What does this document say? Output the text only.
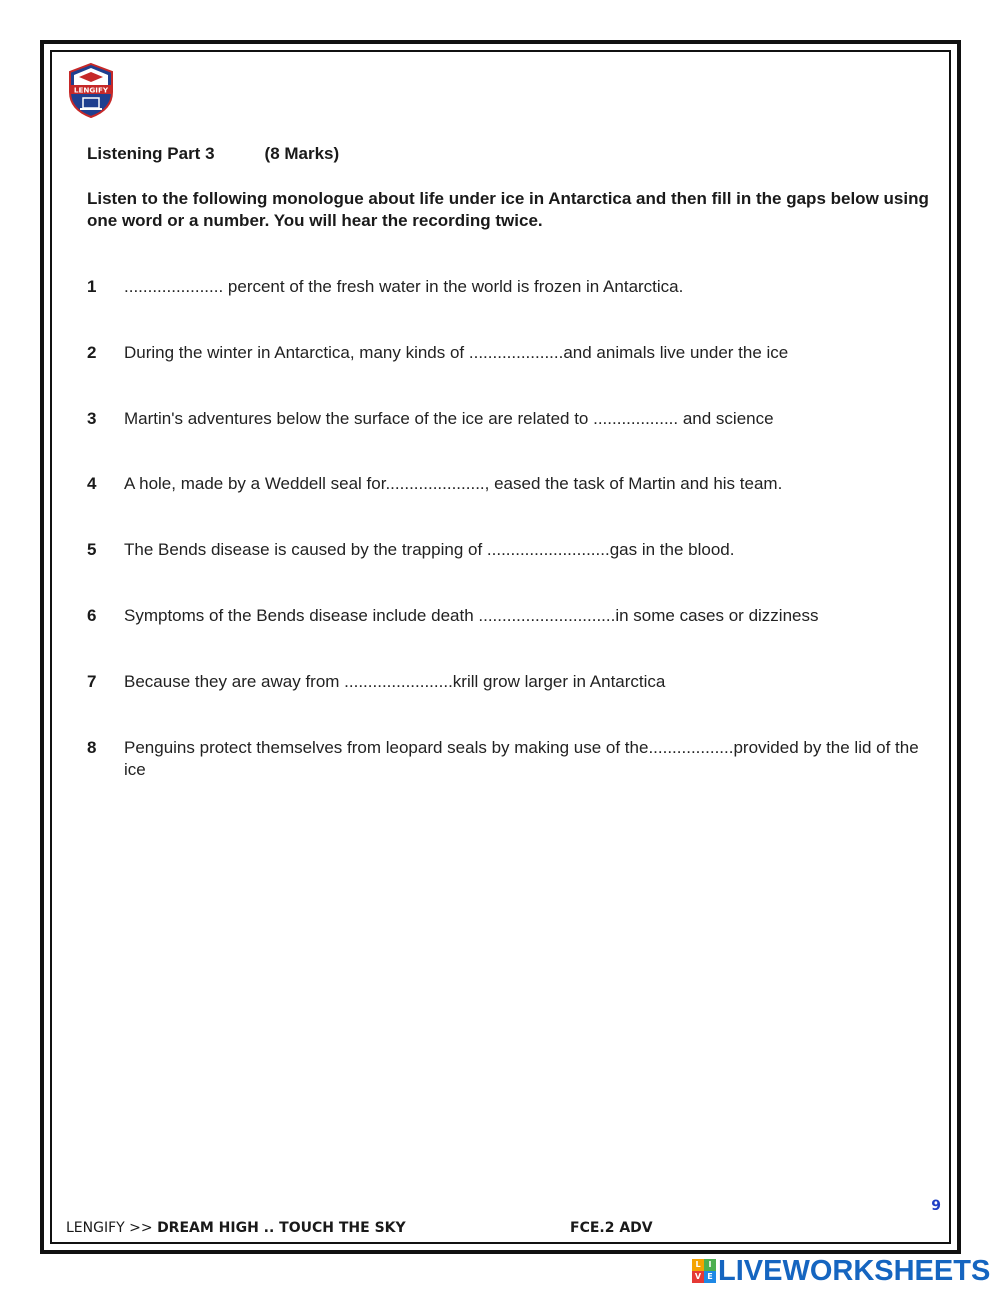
LENGIFY
Listening Part 3	(8 Marks)
Listen to the following monologue about life under ice in Antarctica and then fill in the gaps below using one word or a number. You will hear the recording twice.
1	..................... percent of the fresh water in the world is frozen in Antarctica.
2	During the winter in Antarctica, many kinds of ....................and animals live under the ice
3	Martin's adventures below the surface of the ice are related to .................. and science
4	A hole, made by a Weddell seal for....................., eased the task of Martin and his team.
5	The Bends disease is caused by the trapping of ..........................gas in the blood.
6	Symptoms of the Bends disease include death .............................in some cases or dizziness
7	Because they are away from .......................krill grow larger in Antarctica
8	Penguins protect themselves from leopard seals by making use of the..................provided by the lid of the ice
9
LENGIFY >> DREAM HIGH .. TOUCH THE SKY	FCE.2 ADV
L I
V E LIVEWORKSHEETS
